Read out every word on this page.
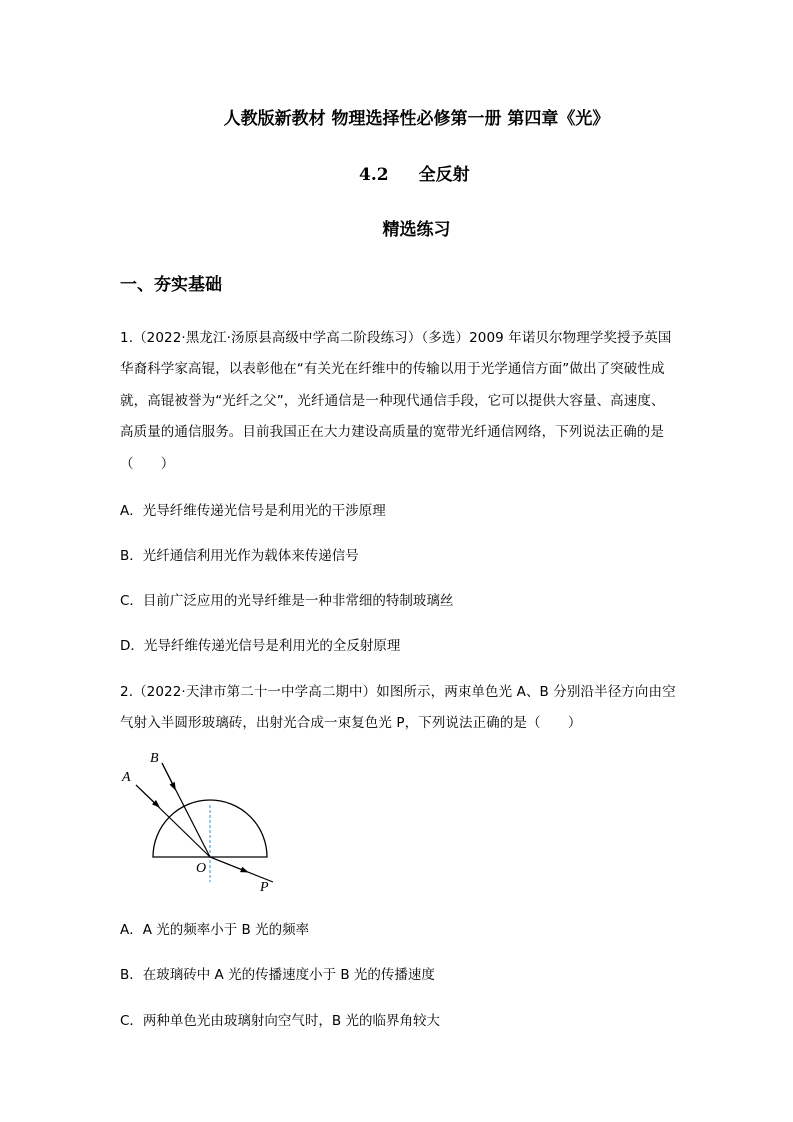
人教版新教材 物理选择性必修第一册 第四章《光》
4.2 全反射
精选练习
一、夯实基础
1.（2022·黑龙江·汤原县高级中学高二阶段练习）（多选）2009 年诺贝尔物理学奖授予英国
华裔科学家高锟，以表彰他在“有关光在纤维中的传输以用于光学通信方面”做出了突破性成
就，高锟被誉为“光纤之父”，光纤通信是一种现代通信手段，它可以提供大容量、高速度、
高质量的通信服务。目前我国正在大力建设高质量的宽带光纤通信网络，下列说法正确的是
（　　）
A．光导纤维传递光信号是利用光的干涉原理
B．光纤通信利用光作为载体来传递信号
C．目前广泛应用的光导纤维是一种非常细的特制玻璃丝
D．光导纤维传递光信号是利用光的全反射原理
2.（2022·天津市第二十一中学高二期中）如图所示，两束单色光 A、B 分别沿半径方向由空
气射入半圆形玻璃砖，出射光合成一束复色光 P，下列说法正确的是（　　）
A
B
O
P
A．A 光的频率小于 B 光的频率
B．在玻璃砖中 A 光的传播速度小于 B 光的传播速度
C．两种单色光由玻璃射向空气时，B 光的临界角较大
